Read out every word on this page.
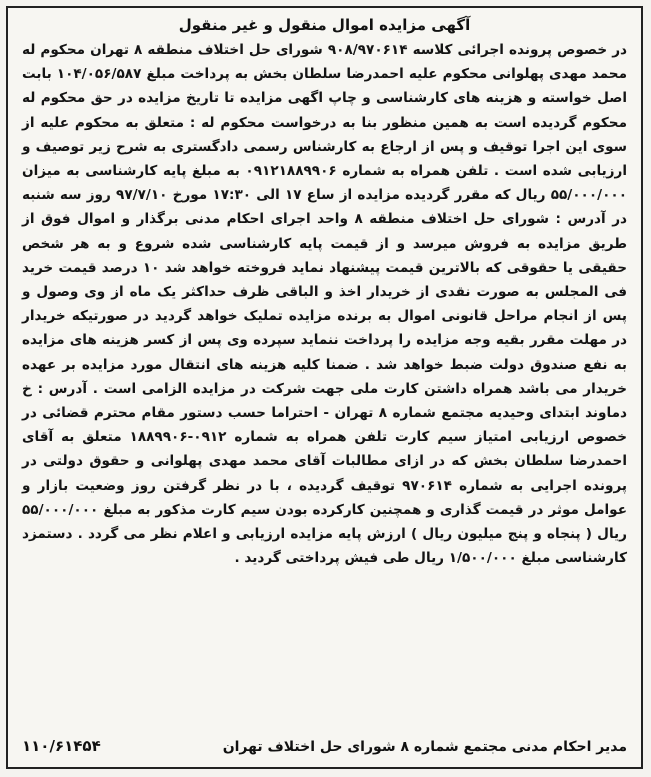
آگهی مزایده اموال منقول و غیر منقول

در خصوص پرونده اجرائی کلاسه ۹۰۸/۹۷۰۶۱۴ شورای حل اختلاف منطقه ۸ تهران محکوم له محمد مهدی پهلوانی محکوم علیه احمدرضا سلطان بخش به پرداخت مبلغ ۱۰۴/۰۵۶/۵۸۷ بابت اصل خواسته و هزینه های کارشناسی و چاپ اگهی مزایده تا تاریخ مزایده در حق محکوم له محکوم گردیده است به همین منظور بنا به درخواست محکوم له : متعلق به محکوم علیه از سوی این اجرا توقیف و پس از ارجاع به کارشناس رسمی دادگستری به شرح زیر توصیف و ارزیابی شده است . تلفن همراه به شماره ۰۹۱۲۱۸۸۹۹۰۶ به مبلغ پایه کارشناسی به میزان ۵۵/۰۰۰/۰۰۰ ریال که مقرر گردیده مزایده از ساع ۱۷ الی ۱۷:۳۰ مورخ ۹۷/۷/۱۰ روز سه شنبه در آدرس : شورای حل اختلاف منطقه ۸ واحد اجرای احکام مدنی برگذار و اموال فوق از طریق مزایده به فروش میرسد و از قیمت پایه کارشناسی شده شروع و به هر شخص حقیقی یا حقوقی که بالاترین قیمت پیشنهاد نماید فروخته خواهد شد ۱۰ درصد قیمت خرید فی المجلس به صورت نقدی از خریدار اخذ و الباقی ظرف حداکثر یک ماه از وی وصول و پس از انجام مراحل قانونی اموال به برنده مزایده تملیک خواهد گردید در صورتیکه خریدار در مهلت مقرر بقیه وجه مزایده را پرداخت ننماید سپرده وی پس از کسر هزینه های مزایده به نفع صندوق دولت ضبط خواهد شد . ضمنا کلیه هزینه های انتقال مورد مزایده بر عهده خریدار می باشد همراه داشتن کارت ملی جهت شرکت در مزایده الزامی است . آدرس : خ دماوند ابتدای وحیدیه مجتمع شماره ۸ تهران - احتراما حسب دستور مقام محترم قضائی در خصوص ارزیابی امتیاز سیم کارت تلفن همراه به شماره ۰۹۱۲-۱۸۸۹۹۰۶ متعلق به آقای احمدرضا سلطان بخش که در ازای مطالبات آقای محمد مهدی پهلوانی و حقوق دولتی در پرونده اجرایی به شماره ۹۷۰۶۱۴ توقیف گردیده ، با در نظر گرفتن روز وضعیت بازار و عوامل موثر در قیمت گذاری و همچنین کارکرده بودن سیم کارت مذکور به مبلغ ۵۵/۰۰۰/۰۰۰ ریال ( پنجاه و پنج میلیون ریال ) ارزش پایه مزایده ارزیابی و اعلام نظر می گردد . دستمزد کارشناسی مبلغ ۱/۵۰۰/۰۰۰ ریال طی فیش پرداختی گردید .

مدیر احکام مدنی مجتمع شماره ۸ شورای حل اختلاف تهران
۱۱۰/۶۱۴۵۴
